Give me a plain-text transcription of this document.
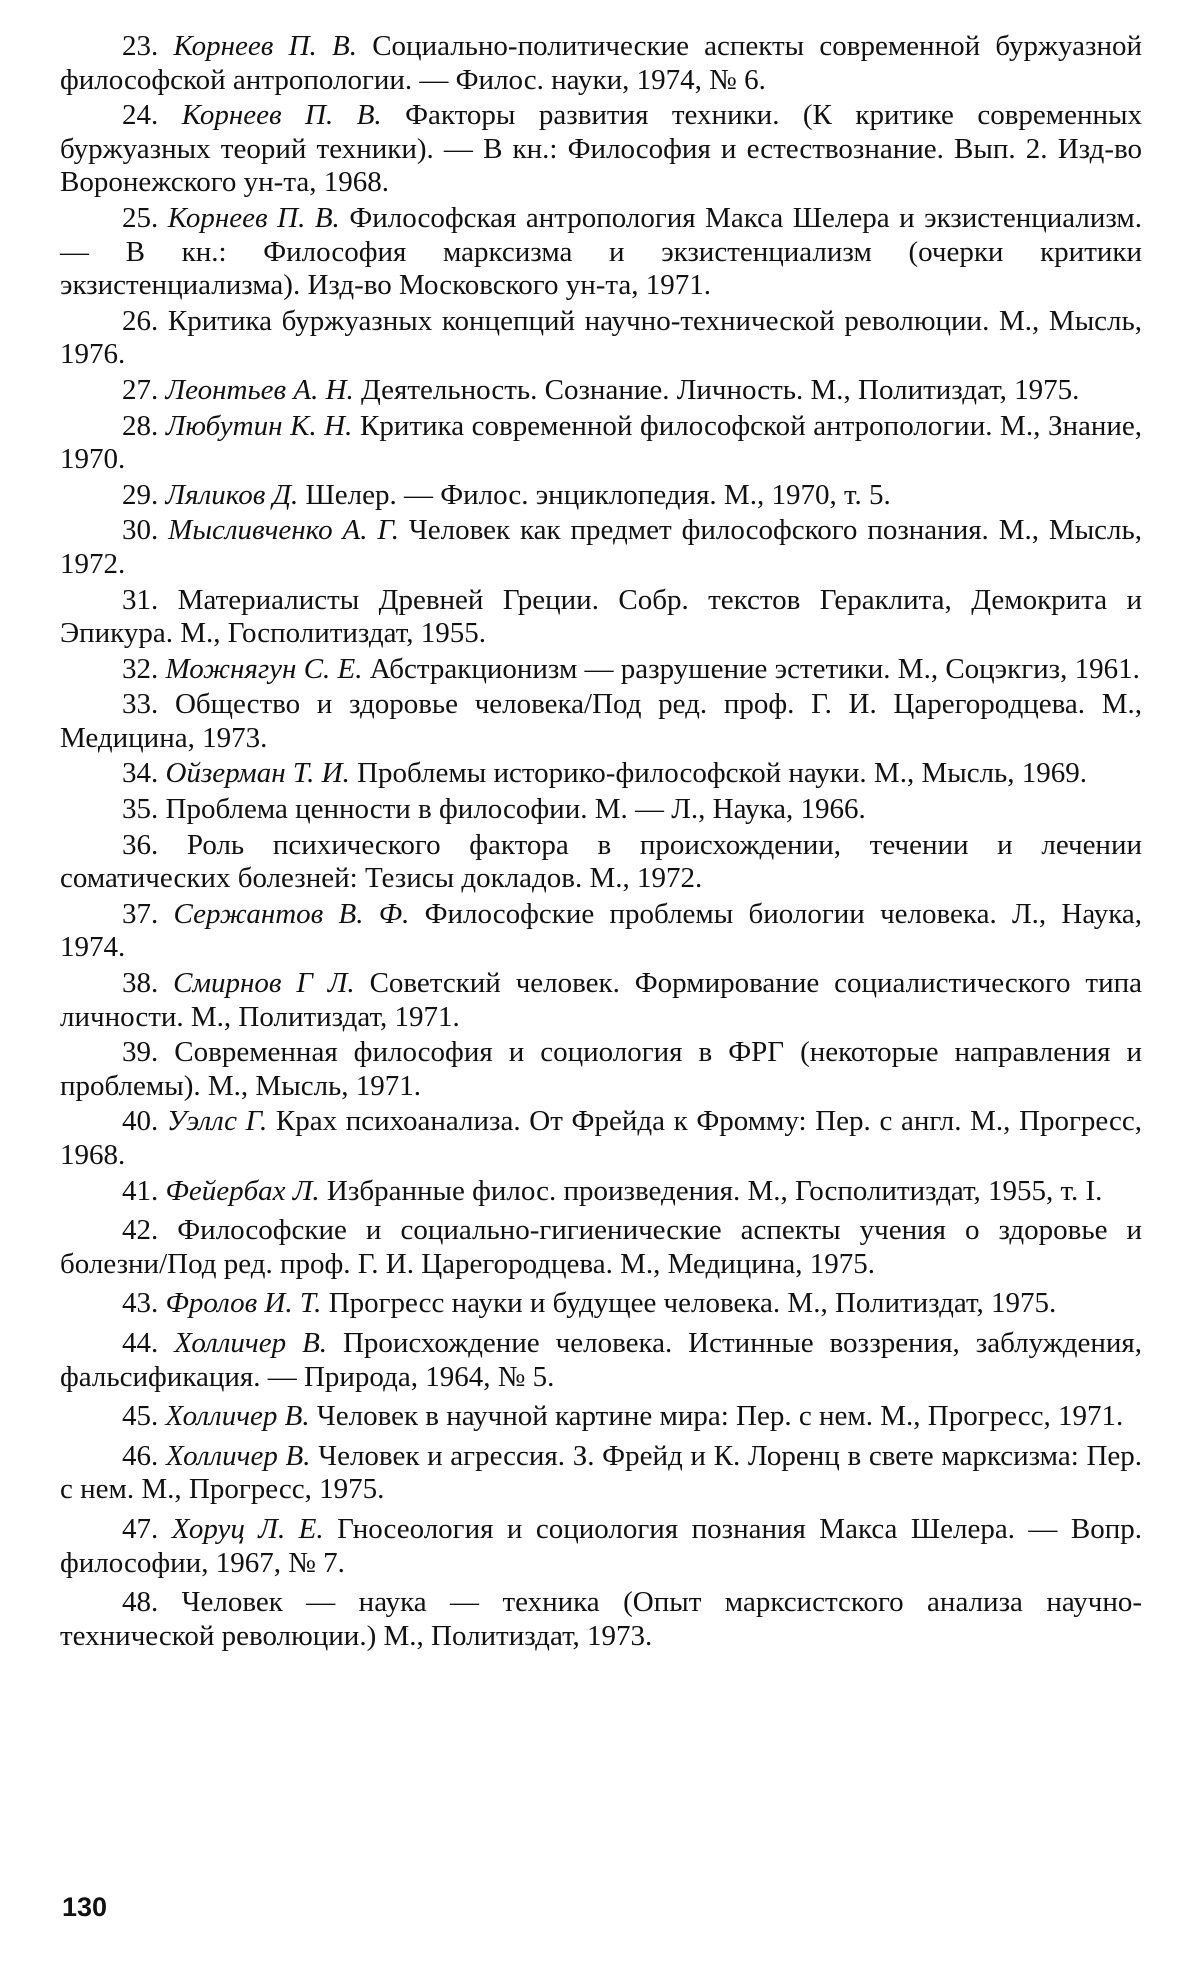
23. Корнеев П. В. Социально-политические аспекты современной буржуазной философской антропологии. — Филос. науки, 1974, № 6.

24. Корнеев П. В. Факторы развития техники. (К критике современных буржуазных теорий техники). — В кн.: Философия и естествознание. Вып. 2. Изд-во Воронежского ун-та, 1968.

25. Корнеев П. В. Философская антропология Макса Шелера и экзистенциализм. — В кн.: Философия марксизма и экзистенциализм (очерки критики экзистенциализма). Изд-во Московского ун-та, 1971.

26. Критика буржуазных концепций научно-технической революции. М., Мысль, 1976.

27. Леонтьев А. Н. Деятельность. Сознание. Личность. М., Политиздат, 1975.

28. Любутин К. Н. Критика современной философской антропологии. М., Знание, 1970.

29. Ляликов Д. Шелер. — Филос. энциклопедия. М., 1970, т. 5.

30. Мысливченко А. Г. Человек как предмет философского познания. М., Мысль, 1972.

31. Материалисты Древней Греции. Собр. текстов Гераклита, Демокрита и Эпикура. М., Госполитиздат, 1955.

32. Можнягун С. Е. Абстракционизм — разрушение эстетики. М., Соцэкгиз, 1961.

33. Общество и здоровье человека/Под ред. проф. Г. И. Царегородцева. М., Медицина, 1973.

34. Ойзерман Т. И. Проблемы историко-философской науки. М., Мысль, 1969.

35. Проблема ценности в философии. М. — Л., Наука, 1966.

36. Роль психического фактора в происхождении, течении и лечении соматических болезней: Тезисы докладов. М., 1972.

37. Сержантов В. Ф. Философские проблемы биологии человека. Л., Наука, 1974.

38. Смирнов Г Л. Советский человек. Формирование социалистического типа личности. М., Политиздат, 1971.

39. Современная философия и социология в ФРГ (некоторые направления и проблемы). М., Мысль, 1971.

40. Уэллс Г. Крах психоанализа. От Фрейда к Фромму: Пер. с англ. М., Прогресс, 1968.

41. Фейербах Л. Избранные филос. произведения. М., Госполитиздат, 1955, т. I.

42. Философские и социально-гигиенические аспекты учения о здоровье и болезни/Под ред. проф. Г. И. Царегородцева. М., Медицина, 1975.

43. Фролов И. Т. Прогресс науки и будущее человека. М., Политиздат, 1975.

44. Холличер В. Происхождение человека. Истинные воззрения, заблуждения, фальсификация. — Природа, 1964, № 5.

45. Холличер В. Человек в научной картине мира: Пер. с нем. М., Прогресс, 1971.

46. Холличер В. Человек и агрессия. З. Фрейд и К. Лоренц в свете марксизма: Пер. с нем. М., Прогресс, 1975.

47. Хоруц Л. Е. Гносеология и социология познания Макса Шелера. — Вопр. философии, 1967, № 7.

48. Человек — наука — техника (Опыт марксистского анализа научно-технической революции.) М., Политиздат, 1973.

130
